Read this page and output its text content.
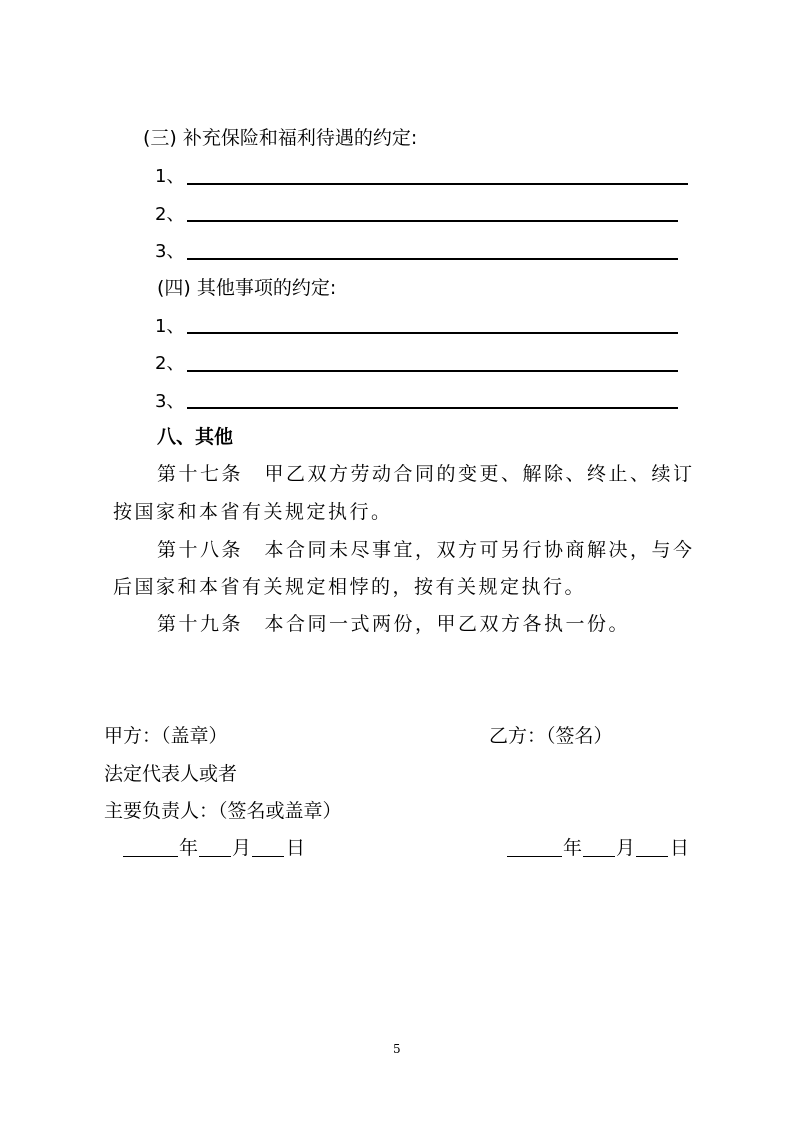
(三) 补充保险和福利待遇的约定:
1、
2、
3、
(四) 其他事项的约定:
1、
2、
3、
八、其他
第十七条　甲乙双方劳动合同的变更、解除、终止、续订
按国家和本省有关规定执行。
第十八条　本合同未尽事宜，双方可另行协商解决，与今
后国家和本省有关规定相悖的，按有关规定执行。
第十九条　本合同一式两份，甲乙双方各执一份。
甲方：（盖章）	乙方：（签名）
法定代表人或者
主要负责人：（签名或盖章）
年 月 日	年 月 日
5
